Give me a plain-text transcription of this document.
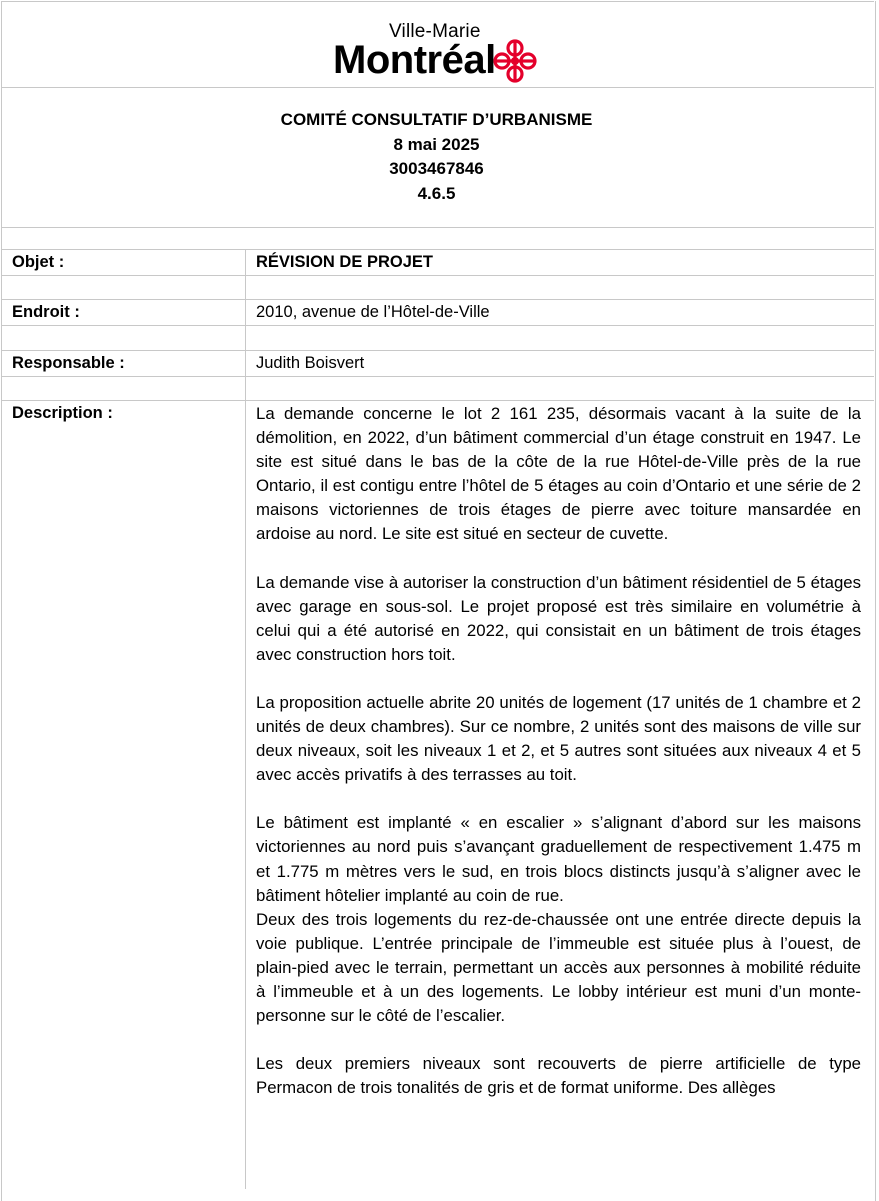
Ville-Marie
Montréal
COMITÉ CONSULTATIF D’URBANISME
8 mai 2025
3003467846
4.6.5
Objet :	RÉVISION DE PROJET
Endroit :	2010, avenue de l’Hôtel-de-Ville
Responsable :	Judith Boisvert
Description :	La demande concerne le lot 2 161 235, désormais vacant à la suite de la démolition, en 2022, d’un bâtiment commercial d’un étage construit en 1947. Le site est situé dans le bas de la côte de la rue Hôtel-de-Ville près de la rue Ontario, il est contigu entre l’hôtel de 5 étages au coin d’Ontario et une série de 2 maisons victoriennes de trois étages de pierre avec toiture mansardée en ardoise au nord. Le site est situé en secteur de cuvette.

La demande vise à autoriser la construction d’un bâtiment résidentiel de 5 étages avec garage en sous-sol. Le projet proposé est très similaire en volumétrie à celui qui a été autorisé en 2022, qui consistait en un bâtiment de trois étages avec construction hors toit.

La proposition actuelle abrite 20 unités de logement (17 unités de 1 chambre et 2 unités de deux chambres). Sur ce nombre, 2 unités sont des maisons de ville sur deux niveaux, soit les niveaux 1 et 2, et 5 autres sont situées aux niveaux 4 et 5 avec accès privatifs à des terrasses au toit.

Le bâtiment est implanté « en escalier » s’alignant d’abord sur les maisons victoriennes au nord puis s’avançant graduellement de respectivement 1.475 m et 1.775 m mètres vers le sud, en trois blocs distincts jusqu’à s’aligner avec le bâtiment hôtelier implanté au coin de rue.

Deux des trois logements du rez-de-chaussée ont une entrée directe depuis la voie publique. L’entrée principale de l’immeuble est située plus à l’ouest, de plain-pied avec le terrain, permettant un accès aux personnes à mobilité réduite à l’immeuble et à un des logements. Le lobby intérieur est muni d’un monte-personne sur le côté de l’escalier.

Les deux premiers niveaux sont recouverts de pierre artificielle de type Permacon de trois tonalités de gris et de format uniforme. Des allèges
